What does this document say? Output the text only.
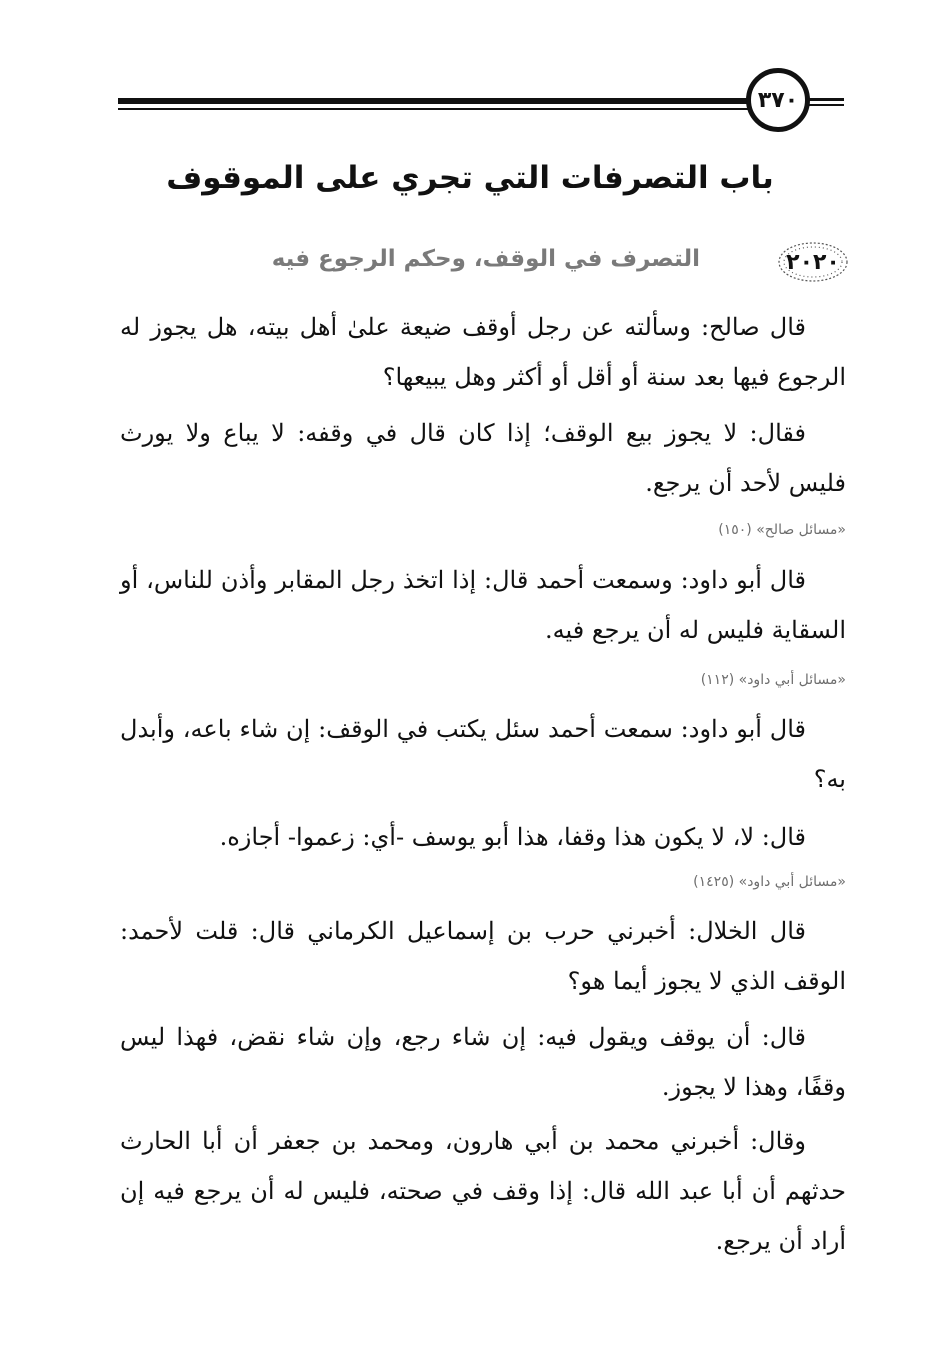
٣٧٠
باب التصرفات التي تجري على الموقوف
٢٠٢٠
التصرف في الوقف، وحكم الرجوع فيه

قال صالح: وسألته عن رجل أوقف ضيعة علىٰ أهل بيته، هل يجوز له الرجوع فيها بعد سنة أو أقل أو أكثر وهل يبيعها؟

فقال: لا يجوز بيع الوقف؛ إذا كان قال في وقفه: لا يباع ولا يورث فليس لأحد أن يرجع.

«مسائل صالح» (١٥٠)

قال أبو داود: وسمعت أحمد قال: إذا اتخذ رجل المقابر وأذن للناس، أو السقاية فليس له أن يرجع فيه.

«مسائل أبي داود» (١١٢)

قال أبو داود: سمعت أحمد سئل يكتب في الوقف: إن شاء باعه، وأبدل به؟

قال: لا، لا يكون هذا وقفا، هذا أبو يوسف -أي: زعموا- أجازه.

«مسائل أبي داود» (١٤٢٥)

قال الخلال: أخبرني حرب بن إسماعيل الكرماني قال: قلت لأحمد: الوقف الذي لا يجوز أيما هو؟

قال: أن يوقف ويقول فيه: إن شاء رجع، وإن شاء نقض، فهذا ليس وقفًا، وهذا لا يجوز.

وقال: أخبرني محمد بن أبي هارون، ومحمد بن جعفر أن أبا الحارث حدثهم أن أبا عبد الله قال: إذا وقف في صحته، فليس له أن يرجع فيه إن أراد أن يرجع.
